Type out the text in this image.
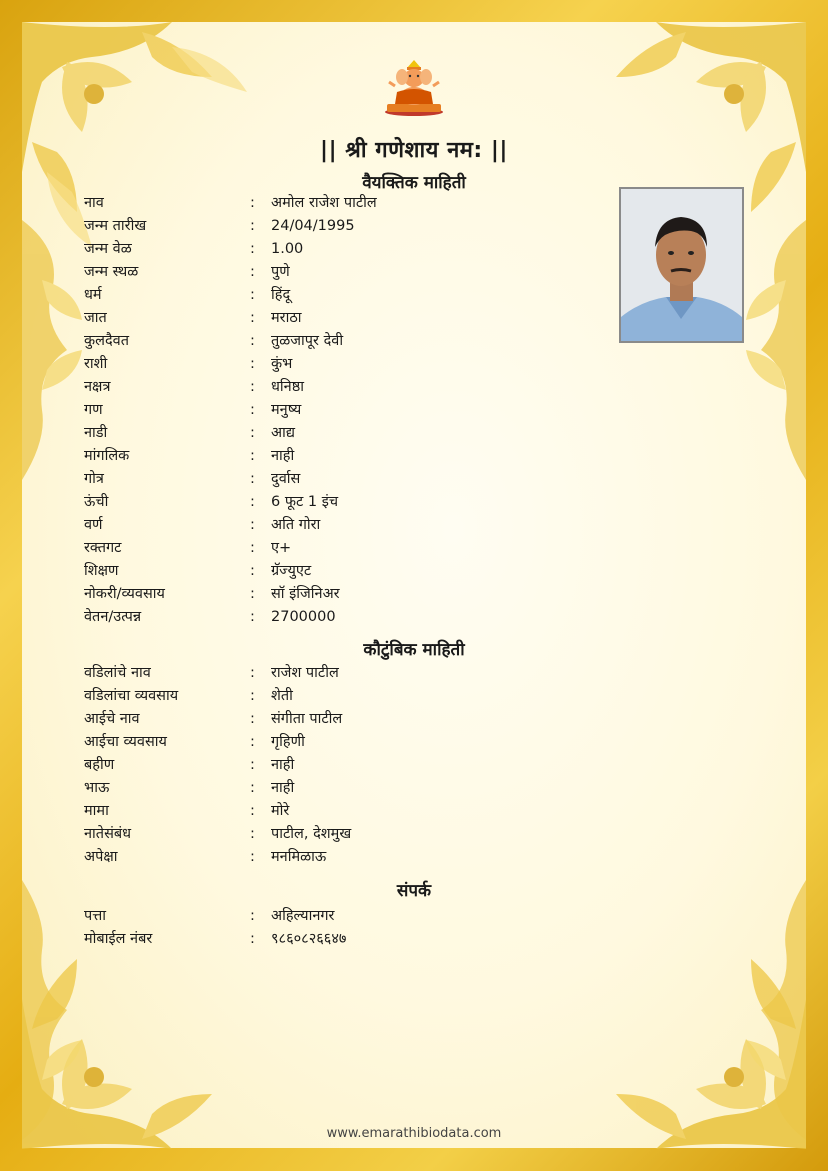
|| श्री गणेशाय नम: ||
वैयक्तिक माहिती
नाव	: अमोल राजेश पाटील
जन्म तारीख	: 24/04/1995
जन्म वेळ	: 1.00
जन्म स्थळ	: पुणे
धर्म	: हिंदू
जात	: मराठा
कुलदैवत	: तुळजापूर देवी
राशी	: कुंभ
नक्षत्र	: धनिष्ठा
गण	: मनुष्य
नाडी	: आद्य
मांगलिक	: नाही
गोत्र	: दुर्वास
ऊंची	: 6 फूट 1 इंच
वर्ण	: अति गोरा
रक्तगट	: ए+
शिक्षण	: ग्रॅज्युएट
नोकरी/व्यवसाय	: सॉ इंजिनिअर
वेतन/उत्पन्न	: 2700000
कौटुंबिक माहिती
वडिलांचे नाव	: राजेश पाटील
वडिलांचा व्यवसाय	: शेती
आईचे नाव	: संगीता पाटील
आईचा व्यवसाय	: गृहिणी
बहीण	: नाही
भाऊ	: नाही
मामा	: मोरे
नातेसंबंध	: पाटील, देशमुख
अपेक्षा	: मनमिळाऊ
संपर्क
पत्ता	: अहिल्यानगर
मोबाईल नंबर	: ९८६०८२६६४७
www.emarathibiodata.com
